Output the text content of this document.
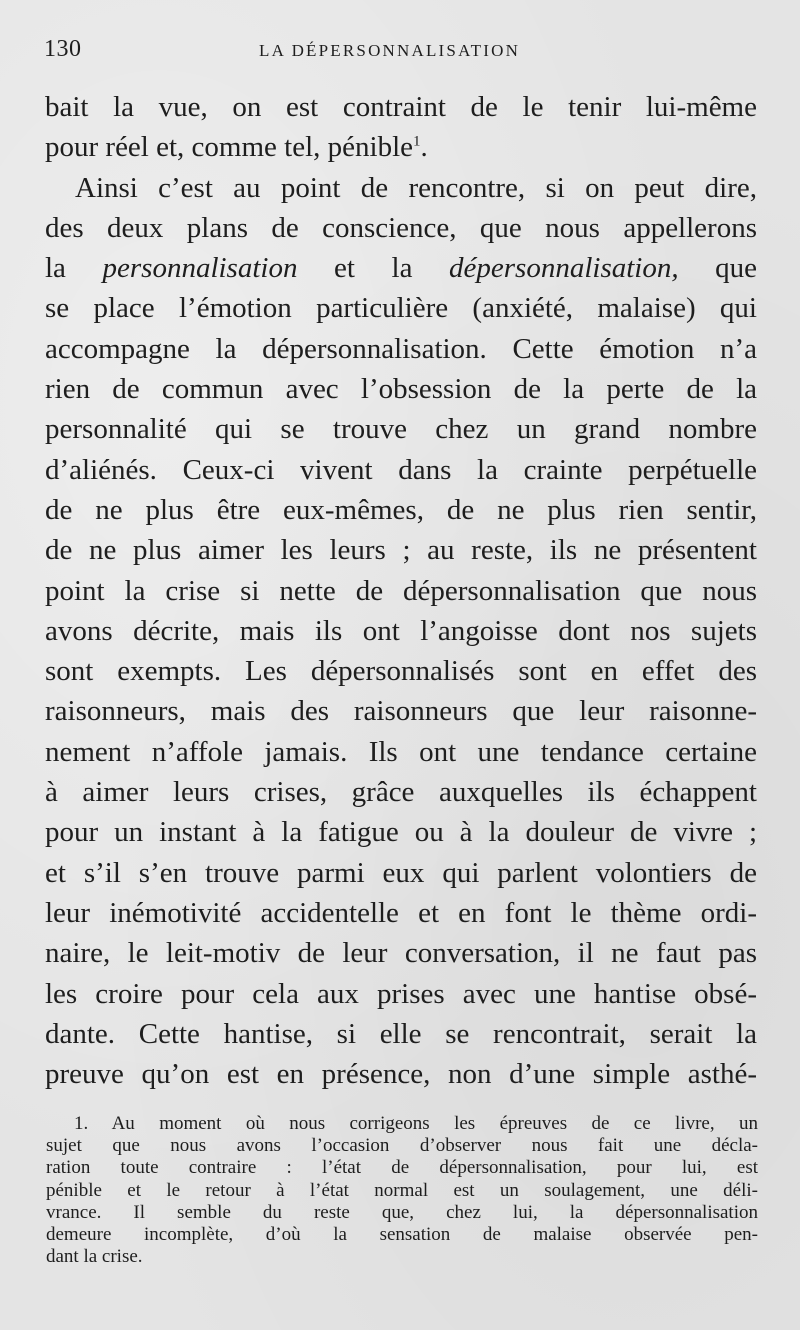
130	LA DÉPERSONNALISATION
bait la vue, on est contraint de le tenir lui-même
pour réel et, comme tel, pénible$^1$.
Ainsi c’est au point de rencontre, si on peut dire,
des deux plans de conscience, que nous appellerons
la personnalisation et la dépersonnalisation, que
se place l’émotion particulière (anxiété, malaise) qui
accompagne la dépersonnalisation. Cette émotion n’a
rien de commun avec l’obsession de la perte de la
personnalité qui se trouve chez un grand nombre
d’aliénés. Ceux-ci vivent dans la crainte perpétuelle
de ne plus être eux-mêmes, de ne plus rien sentir,
de ne plus aimer les leurs ; au reste, ils ne présentent
point la crise si nette de dépersonnalisation que nous
avons décrite, mais ils ont l’angoisse dont nos sujets
sont exempts. Les dépersonnalisés sont en effet des
raisonneurs, mais des raisonneurs que leur raisonne-
nement n’affole jamais. Ils ont une tendance certaine
à aimer leurs crises, grâce auxquelles ils échappent
pour un instant à la fatigue ou à la douleur de vivre ;
et s’il s’en trouve parmi eux qui parlent volontiers de
leur inémotivité accidentelle et en font le thème ordi-
naire, le leit-motiv de leur conversation, il ne faut pas
les croire pour cela aux prises avec une hantise obsé-
dante. Cette hantise, si elle se rencontrait, serait la
preuve qu’on est en présence, non d’une simple asthé-
1. Au moment où nous corrigeons les épreuves de ce livre, un
sujet que nous avons l’occasion d’observer nous fait une décla-
ration toute contraire : l’état de dépersonnalisation, pour lui, est
pénible et le retour à l’état normal est un soulagement, une déli-
vrance. Il semble du reste que, chez lui, la dépersonnalisation
demeure incomplète, d’où la sensation de malaise observée pen-
dant la crise.
